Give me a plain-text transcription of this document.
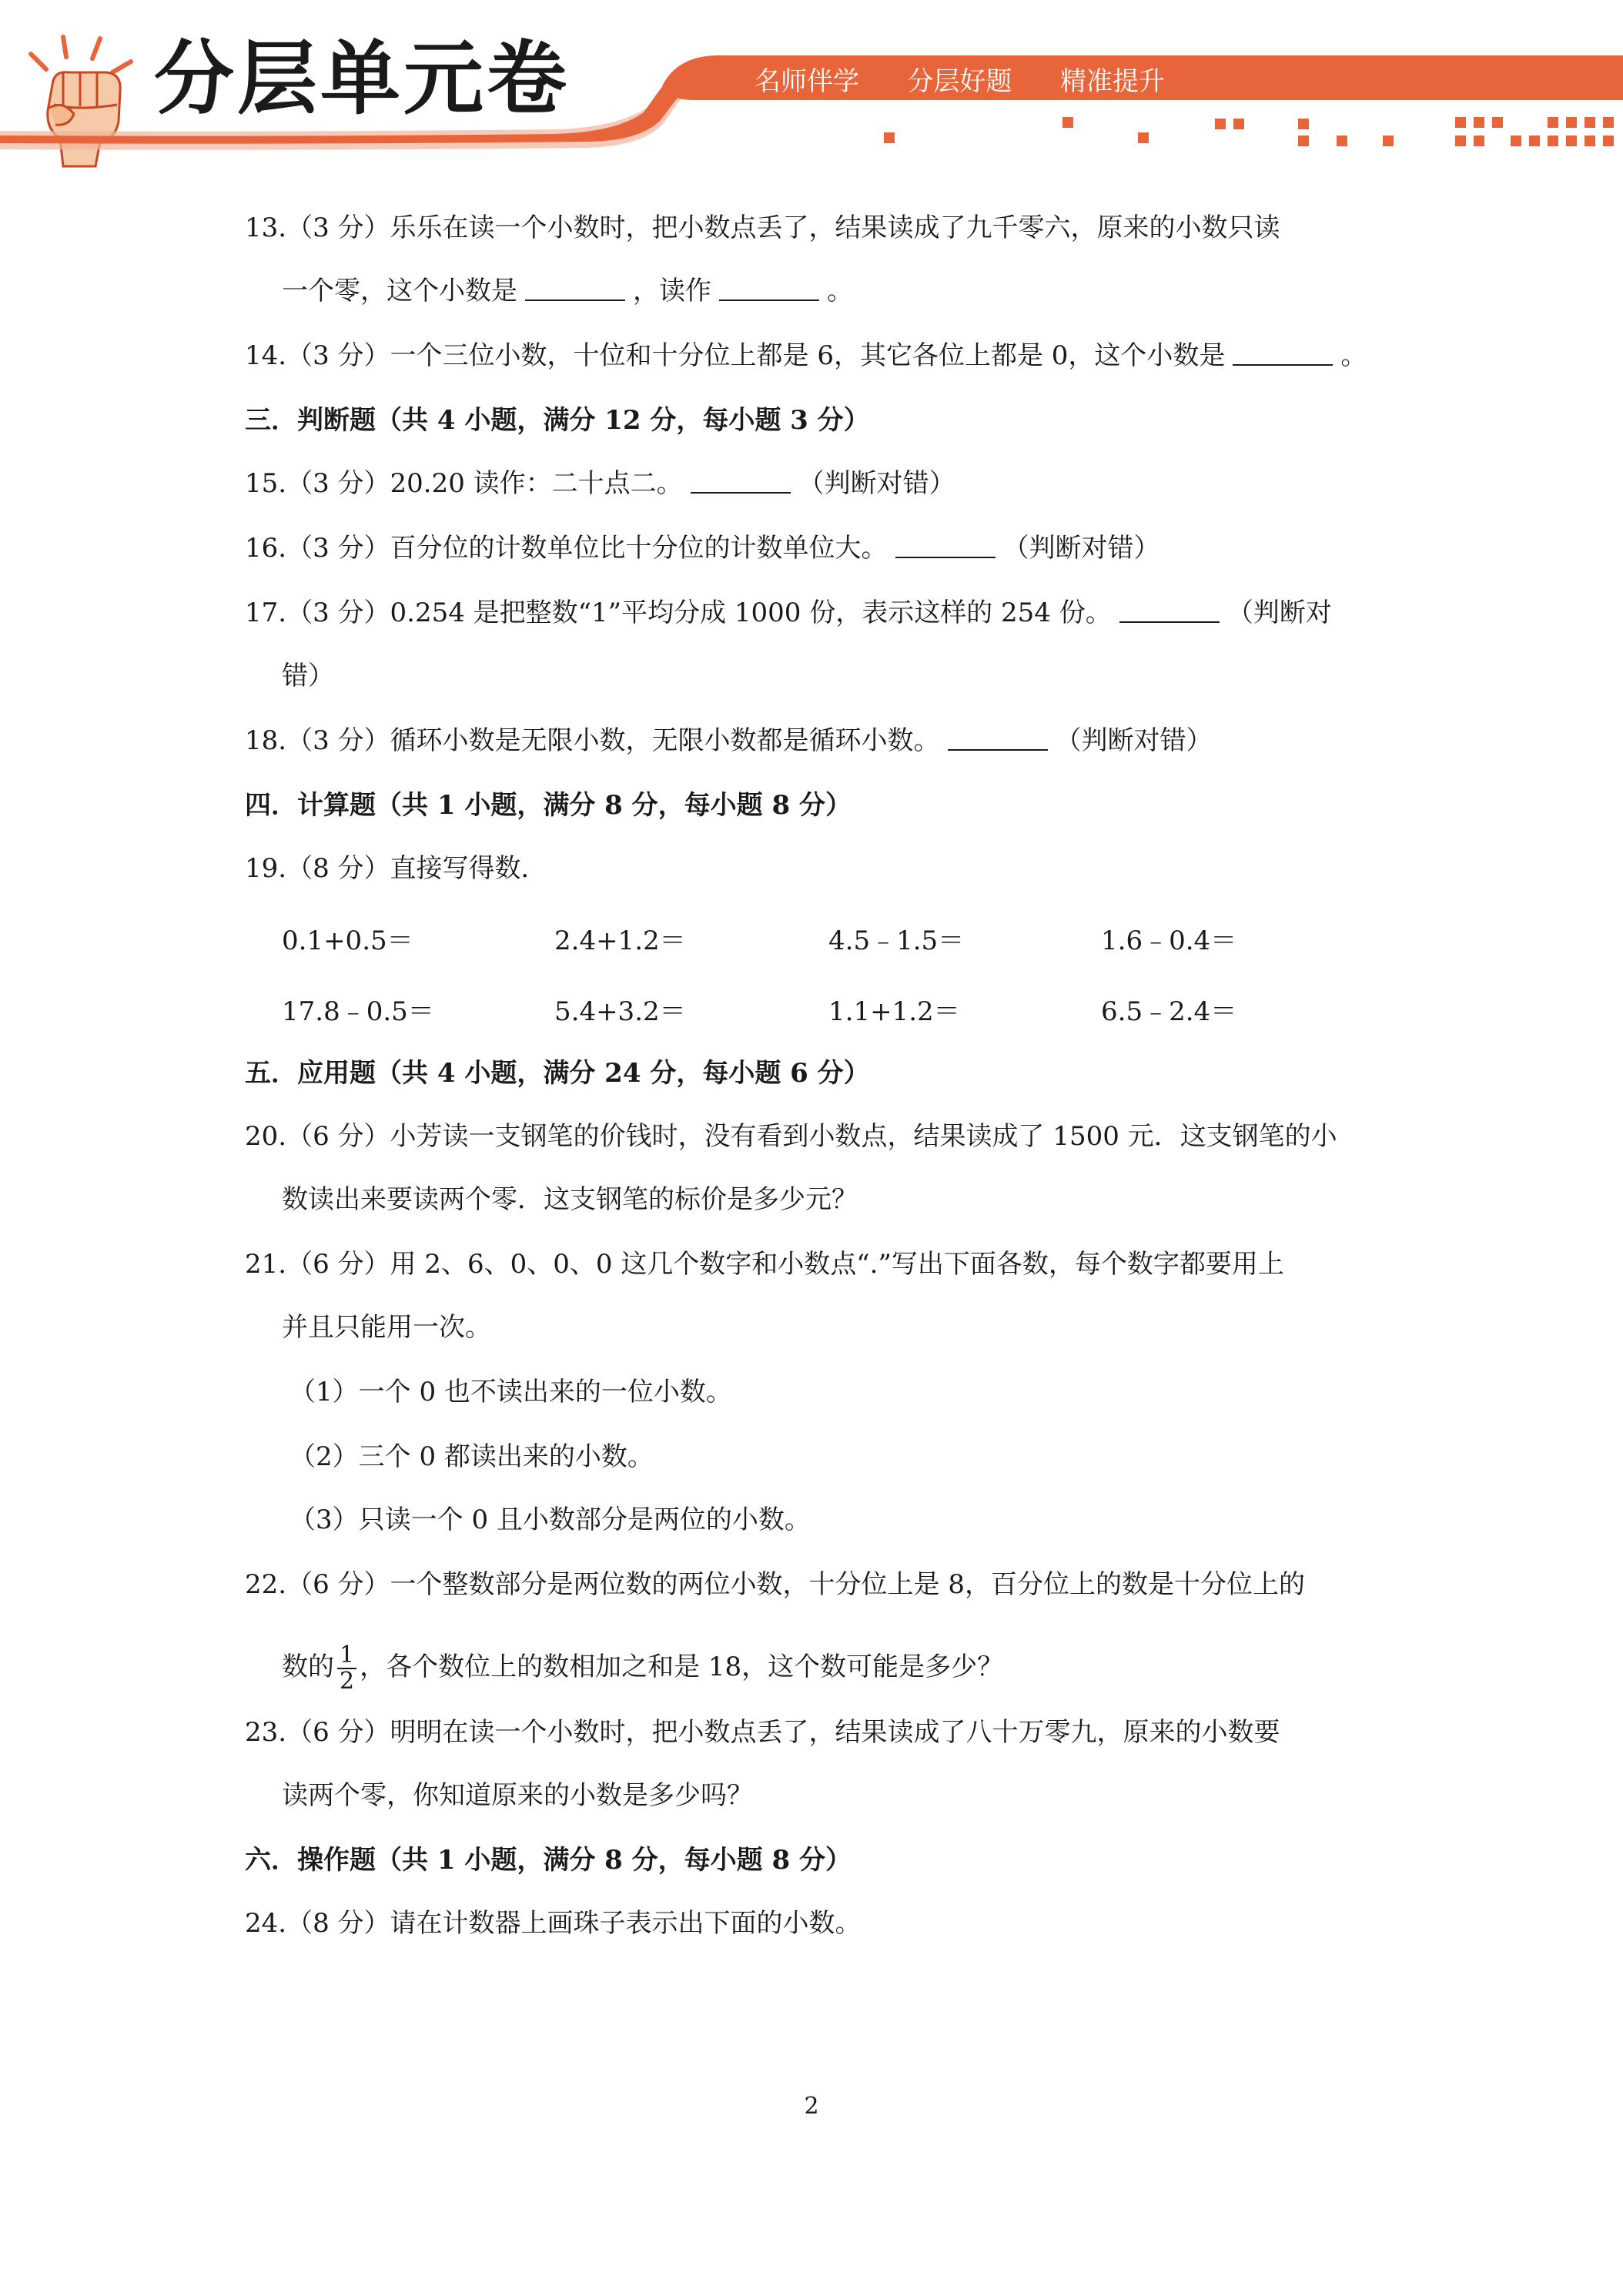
分层单元卷	名师伴学   分层好题   精准提升
13.（3 分）乐乐在读一个小数时，把小数点丢了，结果读成了九千零六，原来的小数只读
一个零，这个小数是	，读作	。
14.（3 分）一个三位小数，十位和十分位上都是 6，其它各位上都是 0，这个小数是	。
三．判断题（共 4 小题，满分 12 分，每小题 3 分）
15.（3 分）20.20 读作：二十点二。	（判断对错）
16.（3 分）百分位的计数单位比十分位的计数单位大。	（判断对错）
17.（3 分）0.254 是把整数“1”平均分成 1000 份，表示这样的 254 份。	（判断对
错）
18.（3 分）循环小数是无限小数，无限小数都是循环小数。	（判断对错）
四．计算题（共 1 小题，满分 8 分，每小题 8 分）
19.（8 分）直接写得数．
0.1+0.5＝	2.4+1.2＝	4.5﹣1.5＝	1.6﹣0.4＝
17.8﹣0.5＝	5.4+3.2＝	1.1+1.2＝	6.5﹣2.4＝
五．应用题（共 4 小题，满分 24 分，每小题 6 分）
20.（6 分）小芳读一支钢笔的价钱时，没有看到小数点，结果读成了 1500 元．这支钢笔的小
数读出来要读两个零．这支钢笔的标价是多少元？
21.（6 分）用 2、6、0、0、0 这几个数字和小数点“.”写出下面各数，每个数字都要用上
并且只能用一次。
（1）一个 0 也不读出来的一位小数。
（2）三个 0 都读出来的小数。
（3）只读一个 0 且小数部分是两位的小数。
22.（6 分）一个整数部分是两位数的两位小数，十分位上是 8，百分位上的数是十分位上的
数的 $\frac{1}{2}$ ，各个数位上的数相加之和是 18，这个数可能是多少？
23.（6 分）明明在读一个小数时，把小数点丢了，结果读成了八十万零九，原来的小数要
读两个零，你知道原来的小数是多少吗？
六．操作题（共 1 小题，满分 8 分，每小题 8 分）
24.（8 分）请在计数器上画珠子表示出下面的小数。
2
